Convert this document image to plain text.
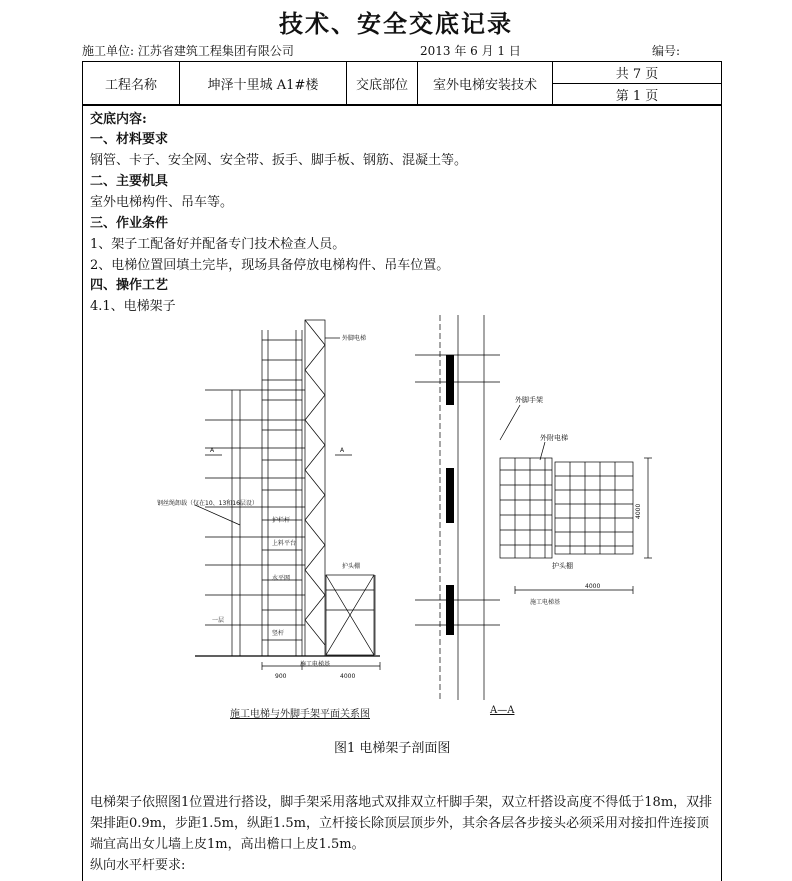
技术、安全交底记录
施工单位: 江苏省建筑工程集团有限公司	2013 年 6 月 1 日	编号:
工程名称	坤泽十里城 A1#楼	交底部位	室外电梯安装技术	共 7 页
第 1 页
交底内容:
一、材料要求
钢管、卡子、安全网、安全带、扳手、脚手板、钢筋、混凝土等。
二、主要机具
室外电梯构件、吊车等。
三、作业条件
1、架子工配备好并配备专门技术检查人员。
2、电梯位置回填土完毕，现场具备停放电梯构件、吊车位置。
四、操作工艺
4.1、电梯架子
外脚电梯
A	A
钢丝绳卸载（仅在10、13和16层设）
护栏杆
上料平台
护头棚
水平网
一层
竖杆
施工电梯基
900	4000
外脚手架
外附电梯
护头棚
施工电梯基
4000
4000
施工电梯与外脚手架平面关系图	A—A
图1 电梯架子剖面图
电梯架子依照图1位置进行搭设，脚手架采用落地式双排双立杆脚手架，双立杆搭设高度不得低于18m，双排架排距0.9m，步距1.5m，纵距1.5m，立杆接长除顶层顶步外，其余各层各步接头必须采用对接扣件连接顶端宜高出女儿墙上皮1m，高出檐口上皮1.5m。
纵向水平杆要求:
